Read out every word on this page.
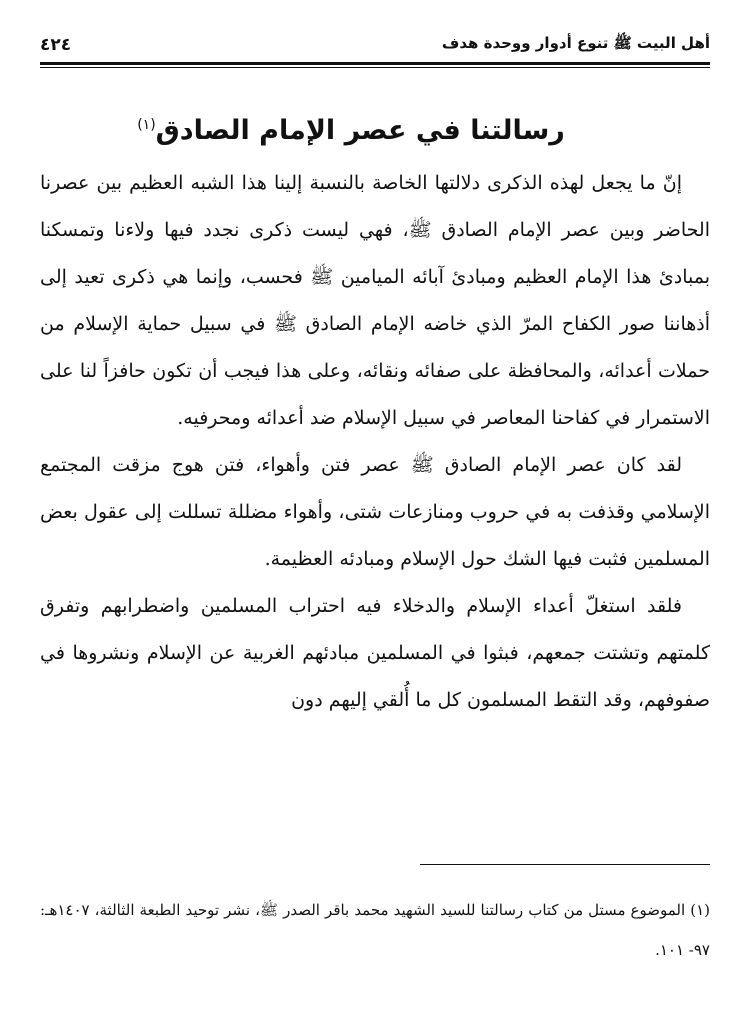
أهل البيت ﷺ تنوع أدوار ووحدة هدف
٤٢٤
رسالتنا في عصر الإمام الصادق$^{(١)}$

إنّ ما يجعل لهذه الذكرى دلالتها الخاصة بالنسبة إلينا هذا الشبه العظيم بين عصرنا الحاضر وبين عصر الإمام الصادق ﷺ، فهي ليست ذكرى نجدد فيها ولاءنا وتمسكنا بمبادئ هذا الإمام العظيم ومبادئ آبائه الميامين ﷺ فحسب، وإنما هي ذكرى تعيد إلى أذهاننا صور الكفاح المرّ الذي خاضه الإمام الصادق ﷺ في سبيل حماية الإسلام من حملات أعدائه، والمحافظة على صفائه ونقائه، وعلى هذا فيجب أن تكون حافزاً لنا على الاستمرار في كفاحنا المعاصر في سبيل الإسلام ضد أعدائه ومحرفيه.

لقد كان عصر الإمام الصادق ﷺ عصر فتن وأهواء، فتن هوج مزقت المجتمع الإسلامي وقذفت به في حروب ومنازعات شتى، وأهواء مضللة تسللت إلى عقول بعض المسلمين فثبت فيها الشك حول الإسلام ومبادئه العظيمة.

فلقد استغلّ أعداء الإسلام والدخلاء فيه احتراب المسلمين واضطرابهم وتفرق كلمتهم وتشتت جمعهم، فبثوا في المسلمين مبادئهم الغربية عن الإسلام ونشروها في صفوفهم، وقد التقط المسلمون كل ما أُلقي إليهم دون

(١) الموضوع مستل من كتاب رسالتنا للسيد الشهيد محمد باقر الصدر ﷺ، نشر توحيد الطبعة الثالثة، ١٤٠٧هـ: ٩٧- ١٠١.
